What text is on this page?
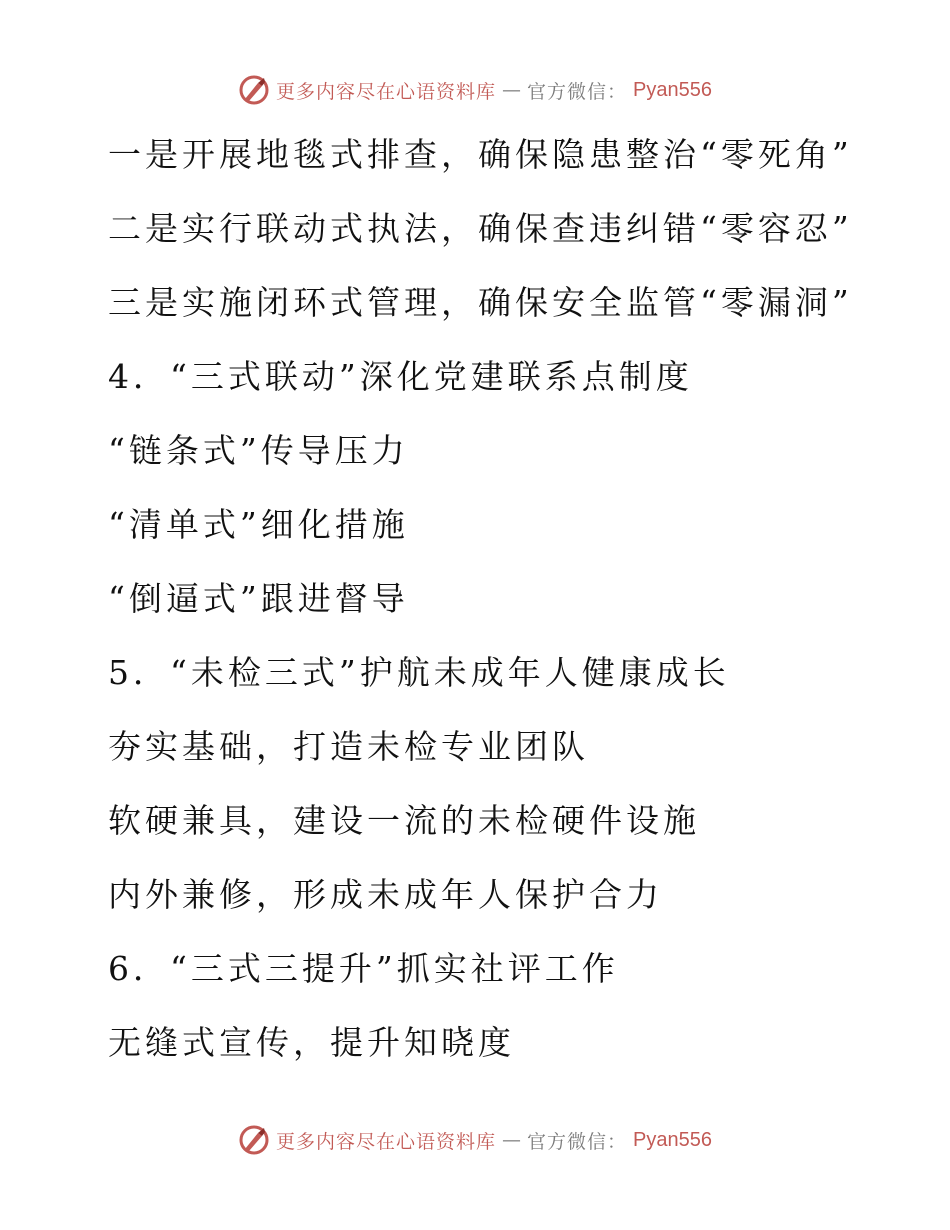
更多内容尽在心语资料库 — 官方微信： Pyan556
一是开展地毯式排查，确保隐患整治“零死角”
二是实行联动式执法，确保查违纠错“零容忍”
三是实施闭环式管理，确保安全监管“零漏洞”
4．“三式联动”深化党建联系点制度
“链条式”传导压力
“清单式”细化措施
“倒逼式”跟进督导
5．“未检三式”护航未成年人健康成长
夯实基础，打造未检专业团队
软硬兼具，建设一流的未检硬件设施
内外兼修，形成未成年人保护合力
6．“三式三提升”抓实社评工作
无缝式宣传，提升知晓度
更多内容尽在心语资料库 — 官方微信： Pyan556
